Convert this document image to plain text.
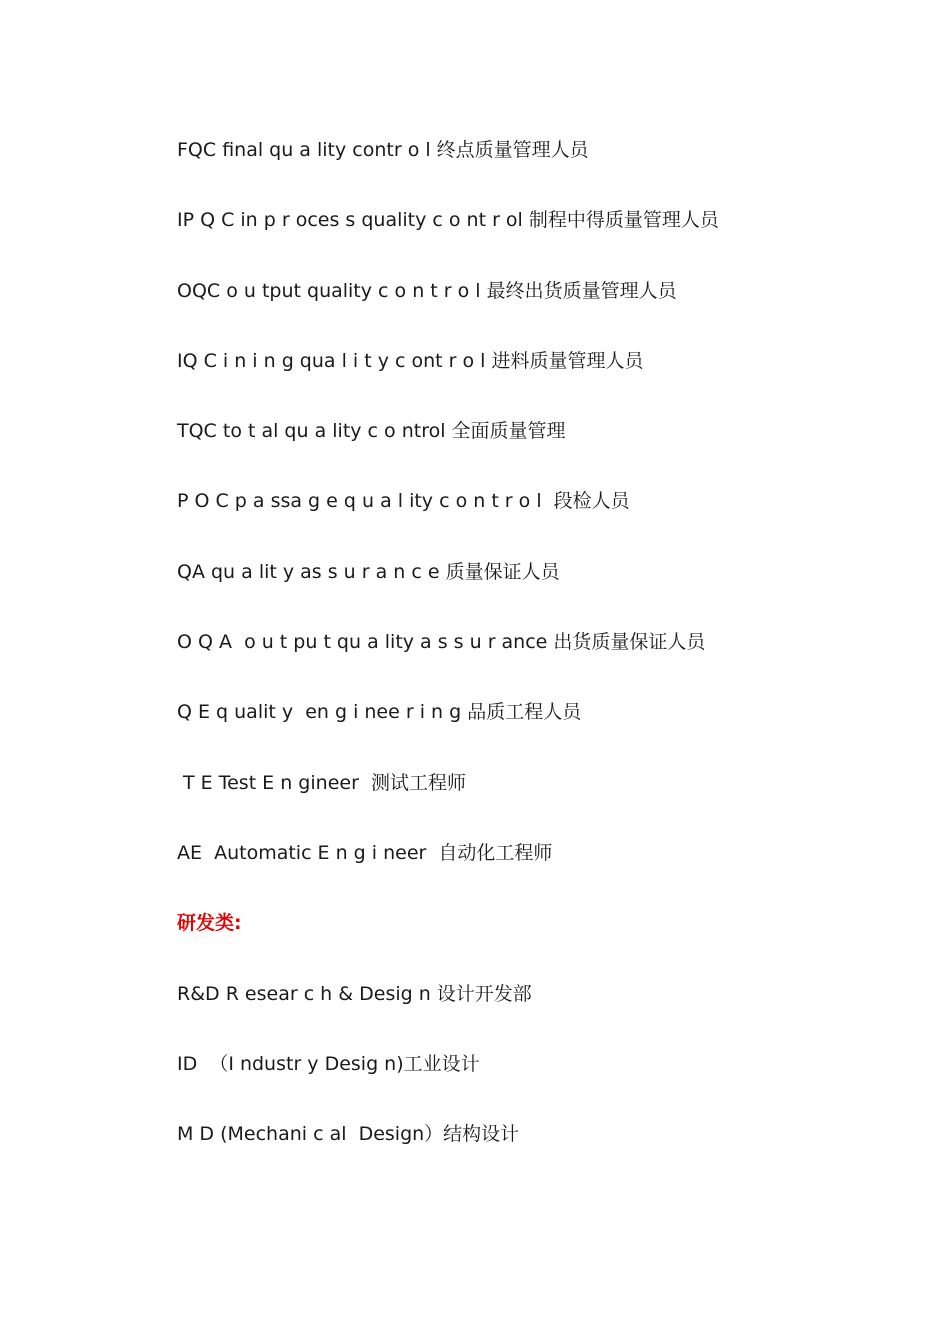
FQC final qu a lity contr o l 终点质量管理人员
IP Q C in p r oces s quality c o nt r ol 制程中得质量管理人员
OQC o u tput quality c o n t r o l 最终出货质量管理人员
IQ C i n i n g qua l i t y c ont r o l 进料质量管理人员
TQC to t al qu a lity c o ntrol 全面质量管理
P O C p a ssa g e q u a l ity c o n t r o l  段检人员
QA qu a lit y as s u r a n c e 质量保证人员
O Q A  o u t pu t qu a lity a s s u r ance 出货质量保证人员
Q E q ualit y  en g i nee r i n g 品质工程人员
T E Test E n gineer  测试工程师
AE  Automatic E n g i neer  自动化工程师
研发类:
R&D R esear c h & Desig n 设计开发部
ID  （I ndustr y Desig n)工业设计
M D (Mechani c al  Design）结构设计
